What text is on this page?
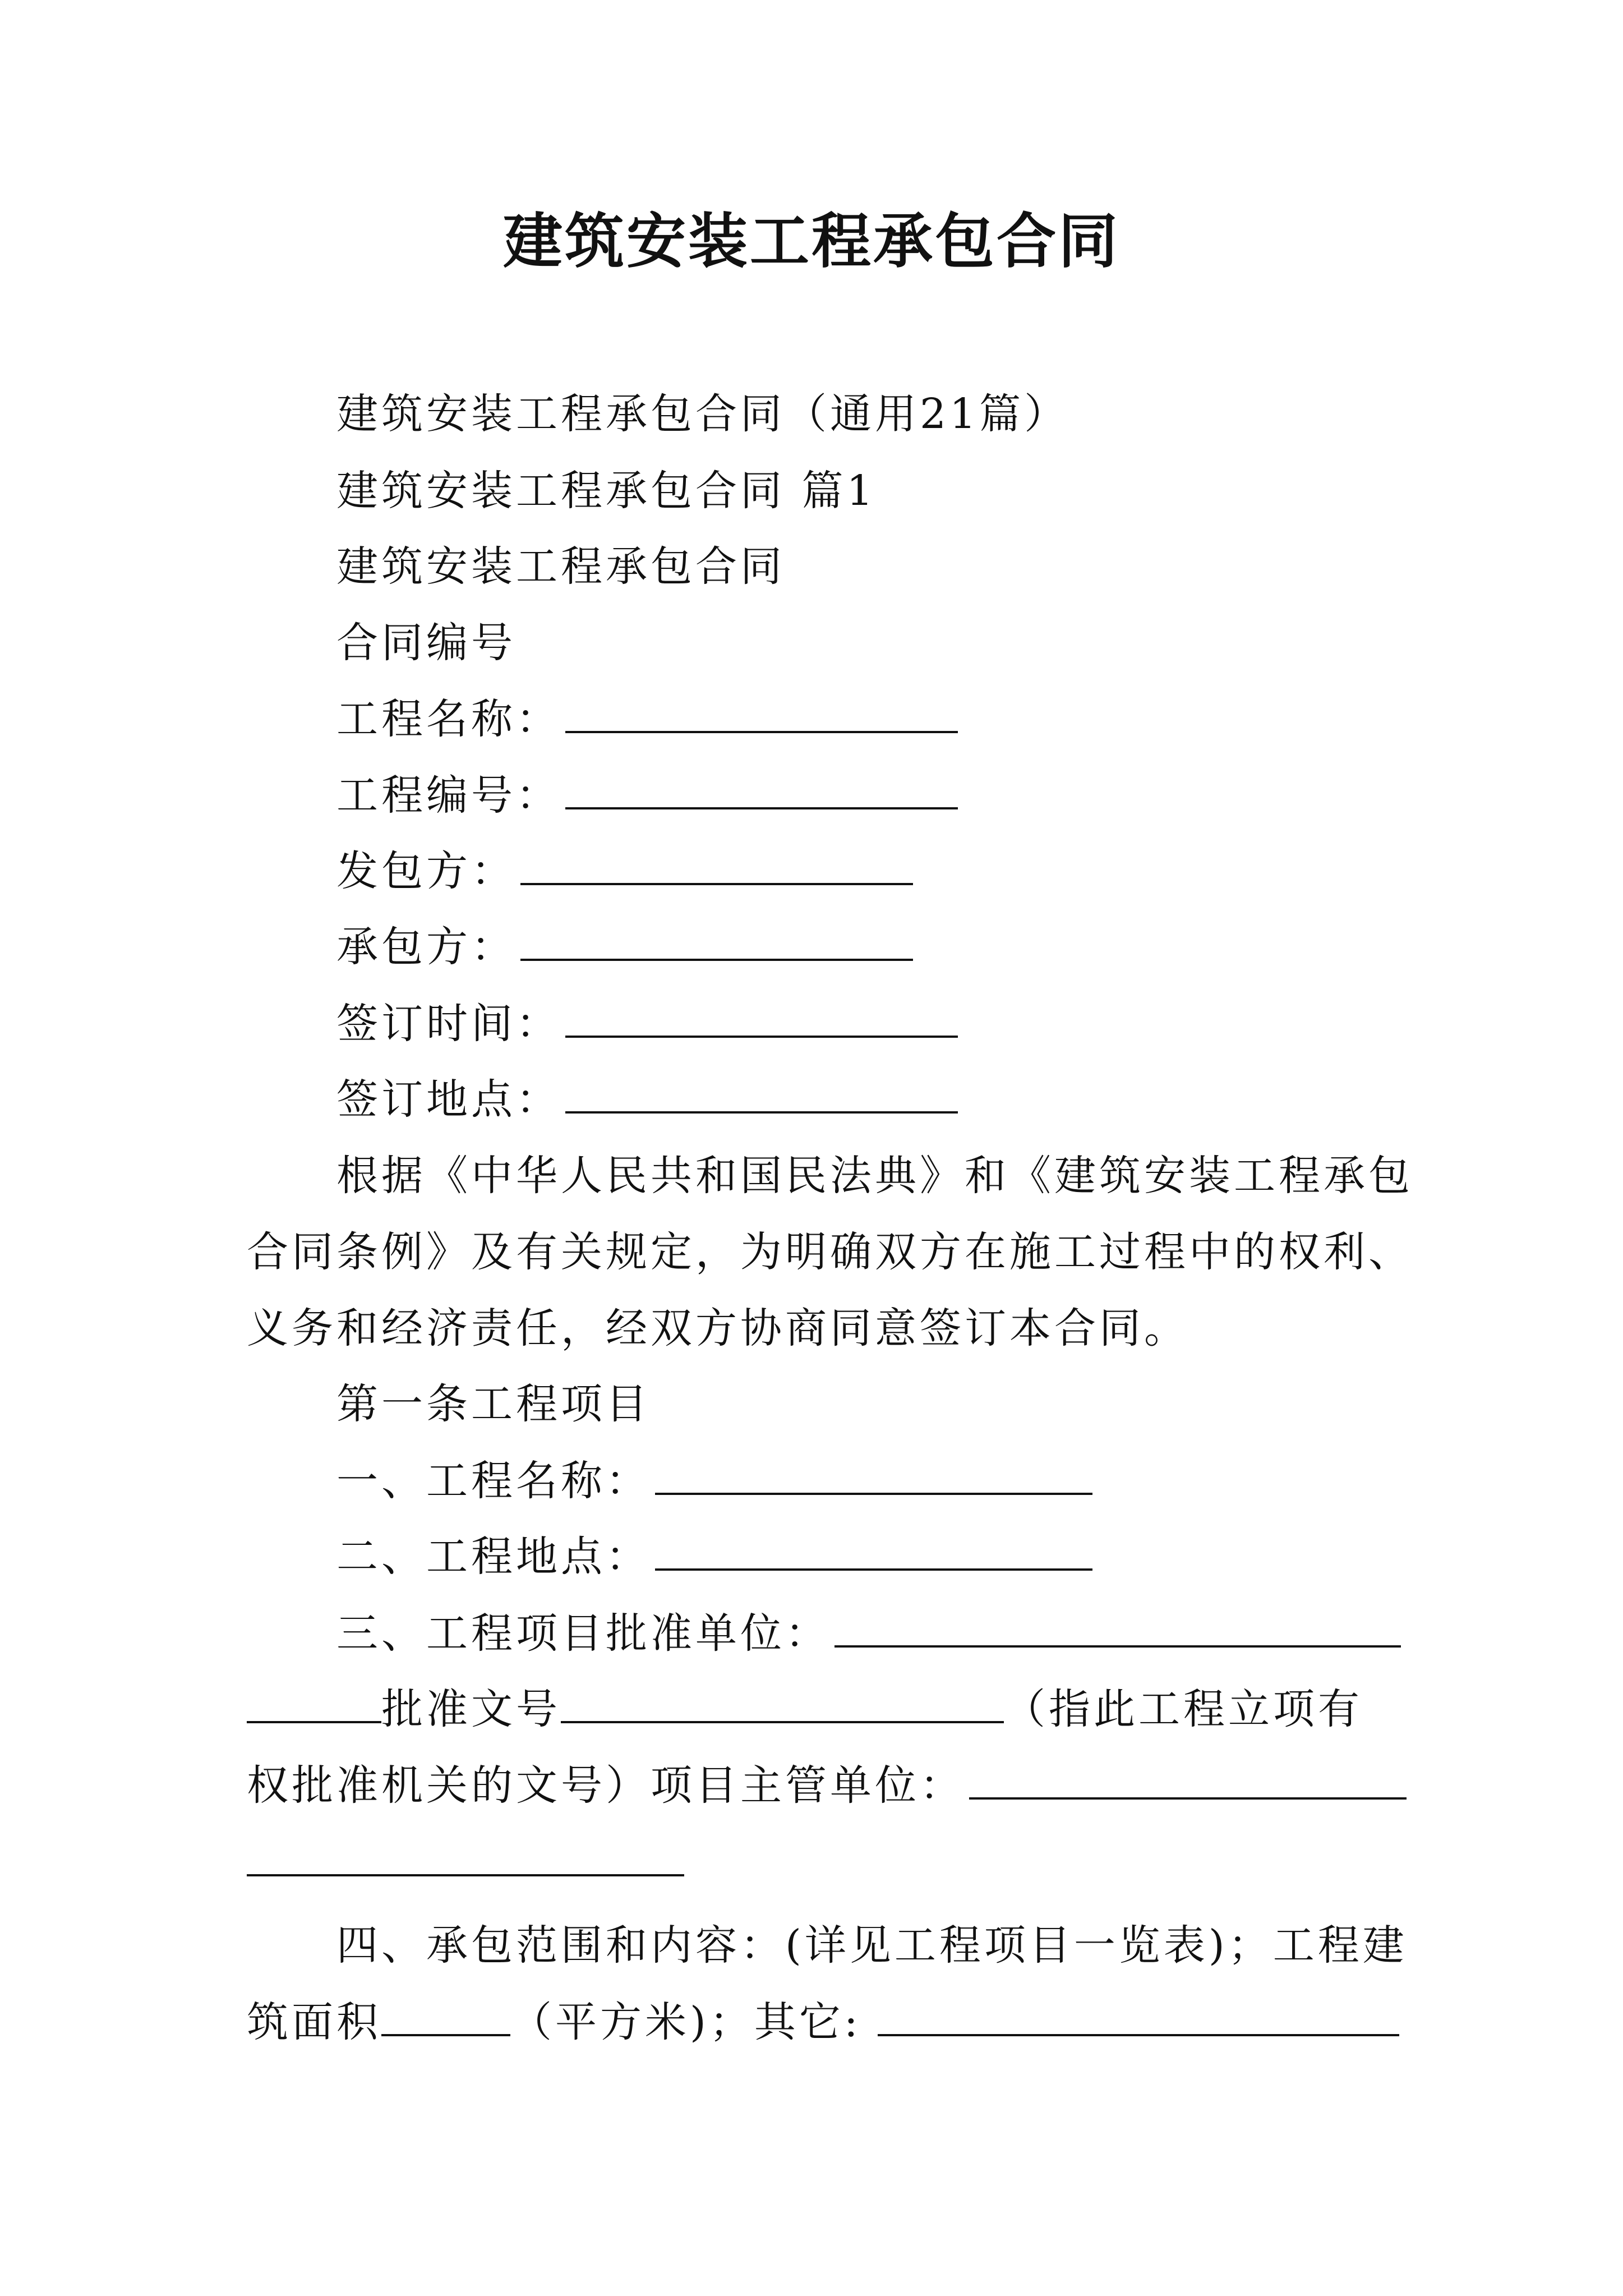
建筑安装工程承包合同
建筑安装工程承包合同（通用21篇）
建筑安装工程承包合同 篇1
建筑安装工程承包合同
合同编号
工程名称：
工程编号：
发包方：
承包方：
签订时间：
签订地点：
根据《中华人民共和国民法典》和《建筑安装工程承包
合同条例》及有关规定，为明确双方在施工过程中的权利、
义务和经济责任，经双方协商同意签订本合同。
第一条工程项目
一、工程名称：
二、工程地点：
三、工程项目批准单位：
批准文号	（指此工程立项有
权批准机关的文号）项目主管单位：
四、承包范围和内容：(详见工程项目一览表)；工程建
筑面积	（平方米)；其它:
